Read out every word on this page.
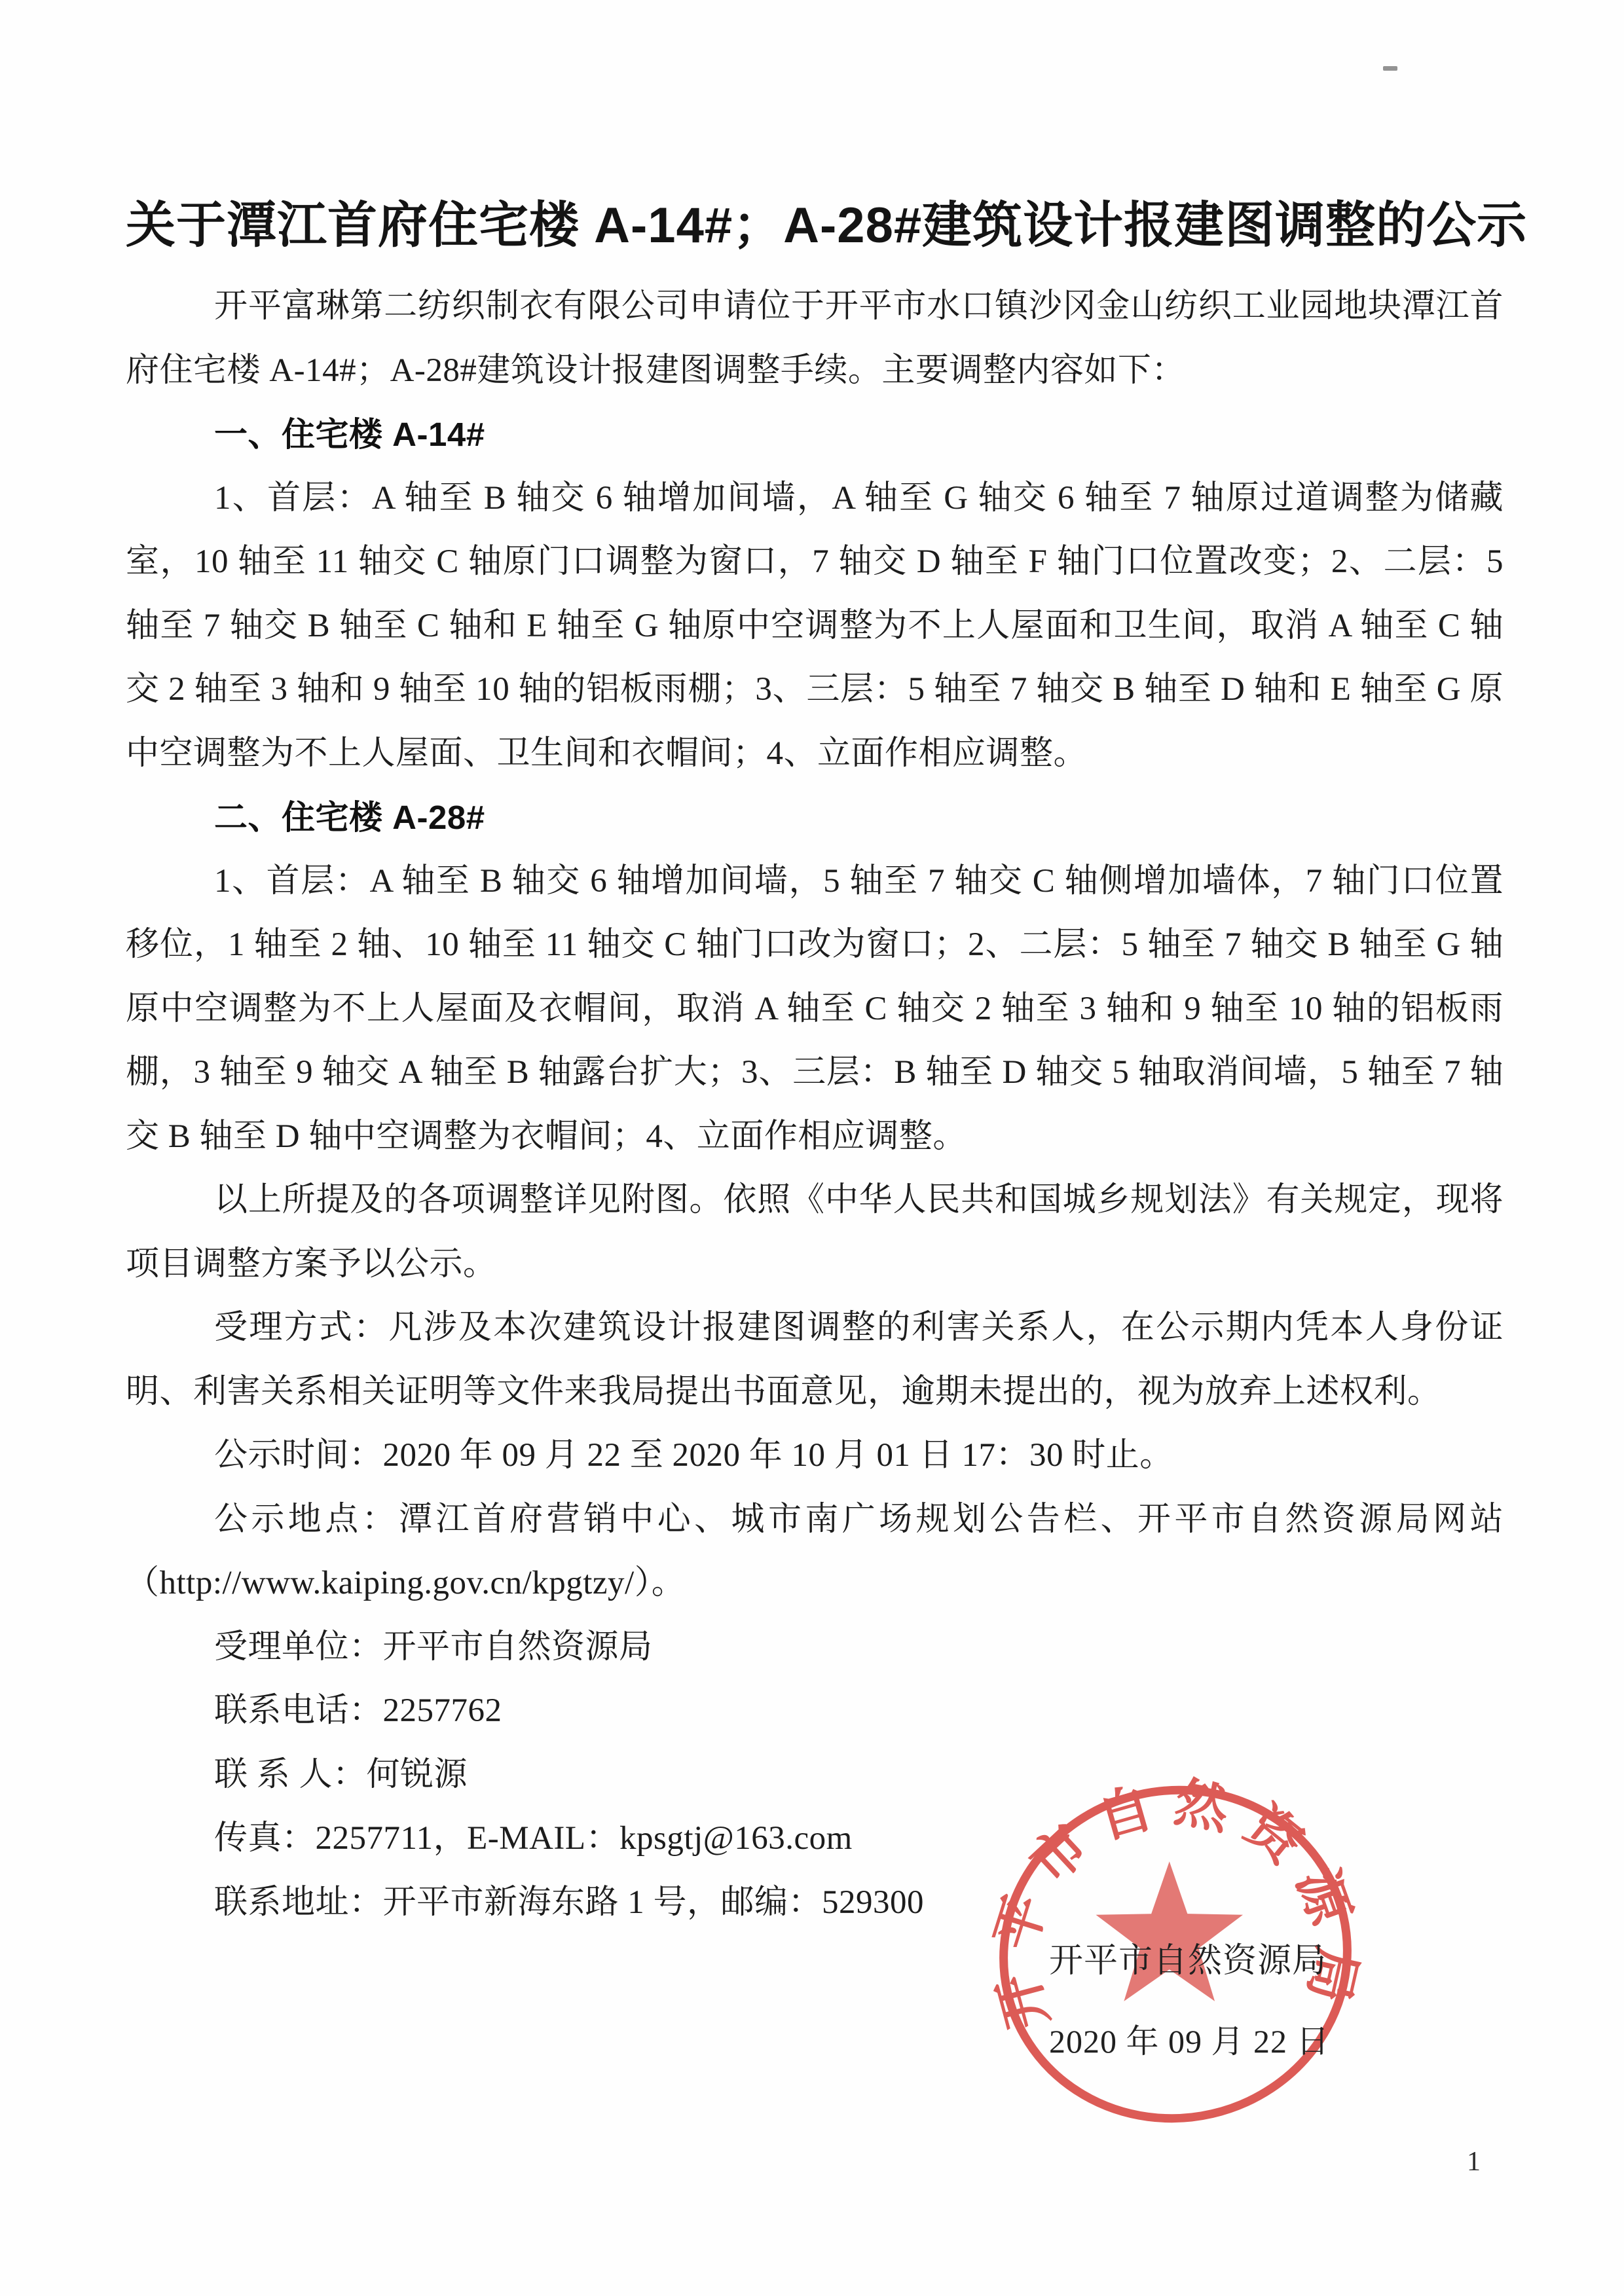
关于潭江首府住宅楼 A-14#；A-28#建筑设计报建图调整的公示

开平富琳第二纺织制衣有限公司申请位于开平市水口镇沙冈金山纺织工业园地块潭江首府住宅楼 A-14#；A-28#建筑设计报建图调整手续。主要调整内容如下：

一、住宅楼 A-14#

1、首层：A 轴至 B 轴交 6 轴增加间墙，A 轴至 G 轴交 6 轴至 7 轴原过道调整为储藏室，10 轴至 11 轴交 C 轴原门口调整为窗口，7 轴交 D 轴至 F 轴门口位置改变；2、二层：5 轴至 7 轴交 B 轴至 C 轴和 E 轴至 G 轴原中空调整为不上人屋面和卫生间，取消 A 轴至 C 轴交 2 轴至 3 轴和 9 轴至 10 轴的铝板雨棚；3、三层：5 轴至 7 轴交 B 轴至 D 轴和 E 轴至 G 原中空调整为不上人屋面、卫生间和衣帽间；4、立面作相应调整。

二、住宅楼 A-28#

1、首层：A 轴至 B 轴交 6 轴增加间墙，5 轴至 7 轴交 C 轴侧增加墙体，7 轴门口位置移位，1 轴至 2 轴、10 轴至 11 轴交 C 轴门口改为窗口；2、二层：5 轴至 7 轴交 B 轴至 G 轴原中空调整为不上人屋面及衣帽间，取消 A 轴至 C 轴交 2 轴至 3 轴和 9 轴至 10 轴的铝板雨棚，3 轴至 9 轴交 A 轴至 B 轴露台扩大；3、三层：B 轴至 D 轴交 5 轴取消间墙，5 轴至 7 轴交 B 轴至 D 轴中空调整为衣帽间；4、立面作相应调整。

以上所提及的各项调整详见附图。依照《中华人民共和国城乡规划法》有关规定，现将项目调整方案予以公示。

受理方式：凡涉及本次建筑设计报建图调整的利害关系人，在公示期内凭本人身份证明、利害关系相关证明等文件来我局提出书面意见，逾期未提出的，视为放弃上述权利。

公示时间：2020 年 09 月 22 至 2020 年 10 月 01 日 17：30 时止。

公示地点：潭江首府营销中心、城市南广场规划公告栏、开平市自然资源局网站（http://www.kaiping.gov.cn/kpgtzy/）。

受理单位：开平市自然资源局

联系电话：2257762

联 系 人：何锐源

传真：2257711，E-MAIL：kpsgtj@163.com

联系地址：开平市新海东路 1 号，邮编：529300

开平市自然资源局
开平市自然资源局
2020 年 09 月 22 日
1
